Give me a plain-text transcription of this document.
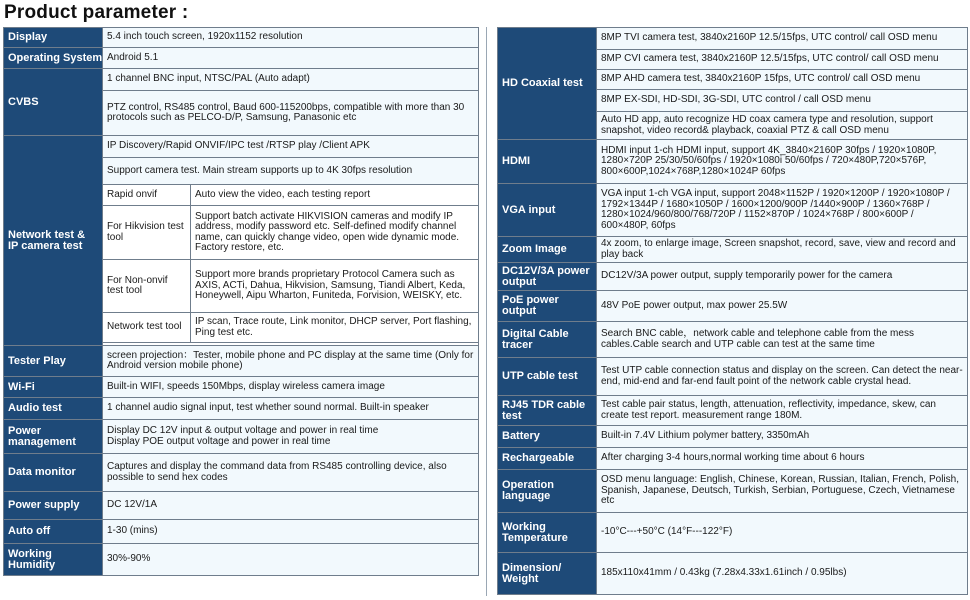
Product parameter :
Display	5.4 inch touch screen, 1920x1152 resolution	
Operating System	Android 5.1	
CVBS	1 channel BNC input, NTSC/PAL (Auto adapt)	
	PTZ control, RS485 control, Baud 600-115200bps, compatible with more than 30 protocols such as PELCO-D/P, Samsung, Panasonic etc	
Network test & IP camera test	IP Discovery/Rapid ONVIF/IPC test /RTSP play /Client APK	
	Support camera test. Main stream supports up to 4K 30fps resolution	
	Rapid onvif	Auto view the video, each testing report
	For Hikvision test tool	Support batch activate HIKVISION cameras and modify IP address, modify password etc. Self-defined modify channel name, can quickly change video, open wide dynamic mode. Factory restore, etc.
	For Non-onvif test tool	Support more brands proprietary Protocol Camera such as AXIS, ACTi, Dahua, Hikvision, Samsung, Tiandi Albert, Keda, Honeywell, Aipu Wharton, Funiteda, Forvision, WEISKY, etc.
	Network test tool	IP scan, Trace route, Link monitor, DHCP server, Port flashing, Ping test etc.

Tester Play	screen projection：Tester, mobile phone and PC display at the same time (Only for Android version mobile phone)	
Wi-Fi	Built-in WIFI, speeds 150Mbps, display wireless camera image	
Audio test	1 channel audio signal input, test whether sound normal. Built-in speaker	
Power management	Display DC 12V input & output voltage and power in real time
Display POE output voltage and power in real time	

Data monitor	Captures and display the command data from RS485 controlling device, also possible to send hex codes	
Power supply	DC 12V/1A	
Auto off	1-30 (mins)	
Working Humidity	30%-90%	
HD Coaxial test	8MP TVI camera test, 3840x2160P 12.5/15fps, UTC control/ call OSD menu
	8MP CVI camera test, 3840x2160P 12.5/15fps, UTC control/ call OSD menu
	8MP AHD camera test, 3840x2160P 15fps, UTC control/ call OSD menu
	8MP EX-SDI, HD-SDI, 3G-SDI, UTC control / call OSD menu
	Auto HD app, auto recognize HD coax camera type and resolution, support snapshot, video record& playback, coaxial PTZ & call OSD menu
HDMI	HDMI input 1-ch HDMI input, support 4K_3840×2160P 30fps / 1920×1080P, 1280×720P 25/30/50/60fps / 1920×1080i 50/60fps / 720×480P,720×576P, 800×600P,1024×768P,1280×1024P 60fps
VGA input	VGA input 1-ch VGA input, support 2048×1152P / 1920×1200P / 1920×1080P / 1792×1344P / 1680×1050P / 1600×1200/900P /1440×900P / 1360×768P / 1280×1024/960/800/768/720P / 1152×870P / 1024×768P / 800×600P / 600×480P, 60fps
Zoom Image	4x zoom, to enlarge image, Screen snapshot, record, save, view and record and play back
DC12V/3A power output	DC12V/3A power output, supply temporarily power for the camera
PoE power output	48V PoE power output, max power 25.5W
Digital Cable tracer	Search BNC cable，network cable and telephone cable from the mess cables.Cable search and UTP cable can test at the same time
UTP cable test	Test UTP cable connection status and display on the screen. Can detect the near-end, mid-end and far-end fault point of the network cable crystal head.
RJ45 TDR cable test	Test cable pair status, length, attenuation, reflectivity, impedance, skew, can create test report. measurement range 180M.
Battery	Built-in 7.4V Lithium polymer battery, 3350mAh
Rechargeable	After charging 3-4 hours,normal working time about 6 hours
Operation language	OSD menu language: English, Chinese, Korean, Russian, Italian, French, Polish, Spanish, Japanese, Deutsch, Turkish, Serbian, Portuguese, Czech, Vietnamese etc
Working Temperature	-10°C---+50°C (14°F---122°F)
Dimension/ Weight	185x110x41mm / 0.43kg (7.28x4.33x1.61inch / 0.95lbs)
